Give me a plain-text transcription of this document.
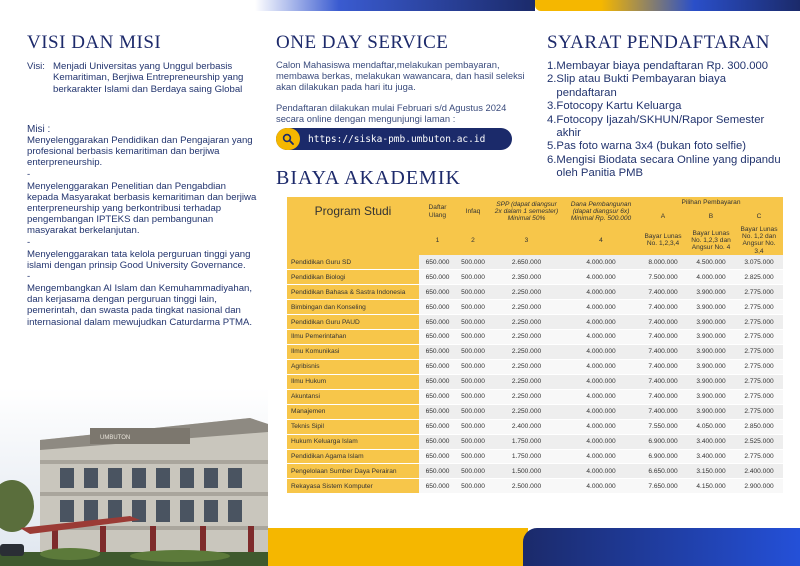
VISI DAN MISI
Visi: Menjadi Universitas yang Unggul berbasis Kemaritiman, Berjiwa Entrepreneurship yang berkarakter Islami dan Berdaya saing Global
Misi :
Menyelenggarakan Pendidikan dan Pengajaran yang profesional berbasis kemaritiman dan berjiwa enterpreneurship.
-
Menyelenggarakan Penelitian dan Pengabdian kepada Masyarakat berbasis kemaritiman dan berjiwa enterpreneurship yang berkontribusi terhadap pengembangan IPTEKS dan pembangunan masyarakat berkelanjutan.
-
Menyelenggarakan tata kelola perguruan tinggi yang islami dengan prinsip Good University Governance.
-
Mengembangkan Al Islam dan Kemuhammadiyahan, dan kerjasama dengan perguruan tinggi lain, pemerintah, dan swasta pada tingkat nasional dan internasional dalam mewujudkan Caturdarma PTMA.
UMBUTON
ONE DAY SERVICE

Calon Mahasiswa mendaftar,melakukan pembayaran, membawa berkas, melakukan wawancara, dan hasil seleksi akan dilakukan pada hari itu juga.

Pendaftaran dilakukan mulai Februari s/d Agustus 2024 secara online dengan mengunjungi laman :

https://siska-pmb.umbuton.ac.id
BIAYA AKADEMIK
SYARAT PENDAFTARAN
1. Membayar biaya pendaftaran Rp. 300.000
2. Slip atau Bukti Pembayaran biaya pendaftaran
3. Fotocopy Kartu Keluarga
4. Fotocopy Ijazah/SKHUN/Rapor Semester akhir
5. Pas foto warna 3x4 (bukan foto selfie)
6. Mengisi Biodata secara Online yang dipandu oleh Panitia PMB
Program Studi	Daftar Ulang	Infaq	SPP (dapat diangsur 2x dalam 1 semester) Minimal 50%	Dana Pembangunan (dapat diangsur 6x) Minimal Rp. 500.000	Pilihan Pembayaran		
					A	B	C
					Bayar Lunas No. 1,2,3,4	Bayar Lunas No. 1,2,3 dan Angsur No. 4	Bayar Lunas No. 1,2 dan Angsur No. 3,4
	1	2	3	4			
Pendidikan Guru SD	650.000	500.000	2.650.000	4.000.000	8.000.000	4.500.000	3.075.000
Pendidikan Biologi	650.000	500.000	2.350.000	4.000.000	7.500.000	4.000.000	2.825.000
Pendidikan Bahasa & Sastra Indonesia	650.000	500.000	2.250.000	4.000.000	7.400.000	3.900.000	2.775.000
Bimbingan dan Konseling	650.000	500.000	2.250.000	4.000.000	7.400.000	3.900.000	2.775.000
Pendidikan Guru PAUD	650.000	500.000	2.250.000	4.000.000	7.400.000	3.900.000	2.775.000
Ilmu Pemerintahan	650.000	500.000	2.250.000	4.000.000	7.400.000	3.900.000	2.775.000
Ilmu Komunikasi	650.000	500.000	2.250.000	4.000.000	7.400.000	3.900.000	2.775.000
Agribisnis	650.000	500.000	2.250.000	4.000.000	7.400.000	3.900.000	2.775.000
Ilmu Hukum	650.000	500.000	2.250.000	4.000.000	7.400.000	3.900.000	2.775.000
Akuntansi	650.000	500.000	2.250.000	4.000.000	7.400.000	3.900.000	2.775.000
Manajemen	650.000	500.000	2.250.000	4.000.000	7.400.000	3.900.000	2.775.000
Teknis Sipil	650.000	500.000	2.400.000	4.000.000	7.550.000	4.050.000	2.850.000
Hukum Keluarga Islam	650.000	500.000	1.750.000	4.000.000	6.900.000	3.400.000	2.525.000
Pendidikan Agama Islam	650.000	500.000	1.750.000	4.000.000	6.900.000	3.400.000	2.775.000
Pengelolaan Sumber Daya Perairan	650.000	500.000	1.500.000	4.000.000	6.650.000	3.150.000	2.400.000
Rekayasa Sistem Komputer	650.000	500.000	2.500.000	4.000.000	7.650.000	4.150.000	2.900.000
